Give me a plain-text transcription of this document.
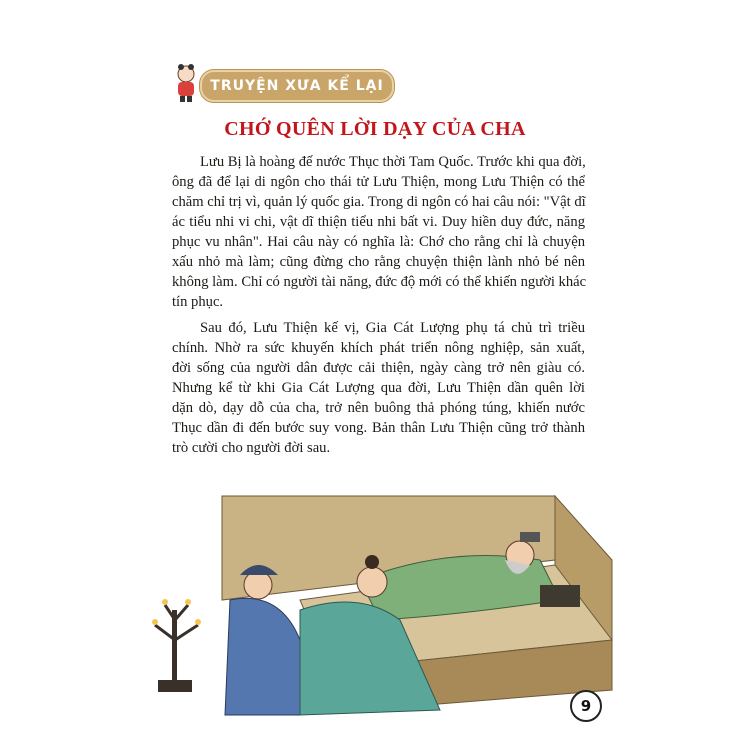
TRUYỆN XƯA KỂ LẠI
CHỚ QUÊN LỜI DẠY CỦA CHA
Lưu Bị là hoàng đế nước Thục thời Tam Quốc. Trước khi qua đời,
ông đã để lại di ngôn cho thái tử Lưu Thiện, mong Lưu Thiện có thể
chăm chỉ trị vì, quản lý quốc gia. Trong di ngôn có hai câu nói: "Vật dĩ
ác tiểu nhi vi chi, vật dĩ thiện tiểu nhi bất vi. Duy hiền duy đức, năng
phục vu nhân". Hai câu này có nghĩa là: Chớ cho rằng chỉ là chuyện
xấu nhỏ mà làm; cũng đừng cho rằng chuyện thiện lành nhỏ bé nên
không làm. Chỉ có người tài năng, đức độ mới có thể khiến người khác
tín phục.
Sau đó, Lưu Thiện kế vị, Gia Cát Lượng phụ tá chủ trì triều
chính. Nhờ ra sức khuyến khích phát triển nông nghiệp, sản xuất,
đời sống của người dân được cải thiện, ngày càng trở nên giàu có.
Nhưng kể từ khi Gia Cát Lượng qua đời, Lưu Thiện dần quên lời
dặn dò, dạy dỗ của cha, trở nên buông thả phóng túng, khiến nước
Thục dần đi đến bước suy vong. Bản thân Lưu Thiện cũng trở thành
trò cười cho người đời sau.
9
